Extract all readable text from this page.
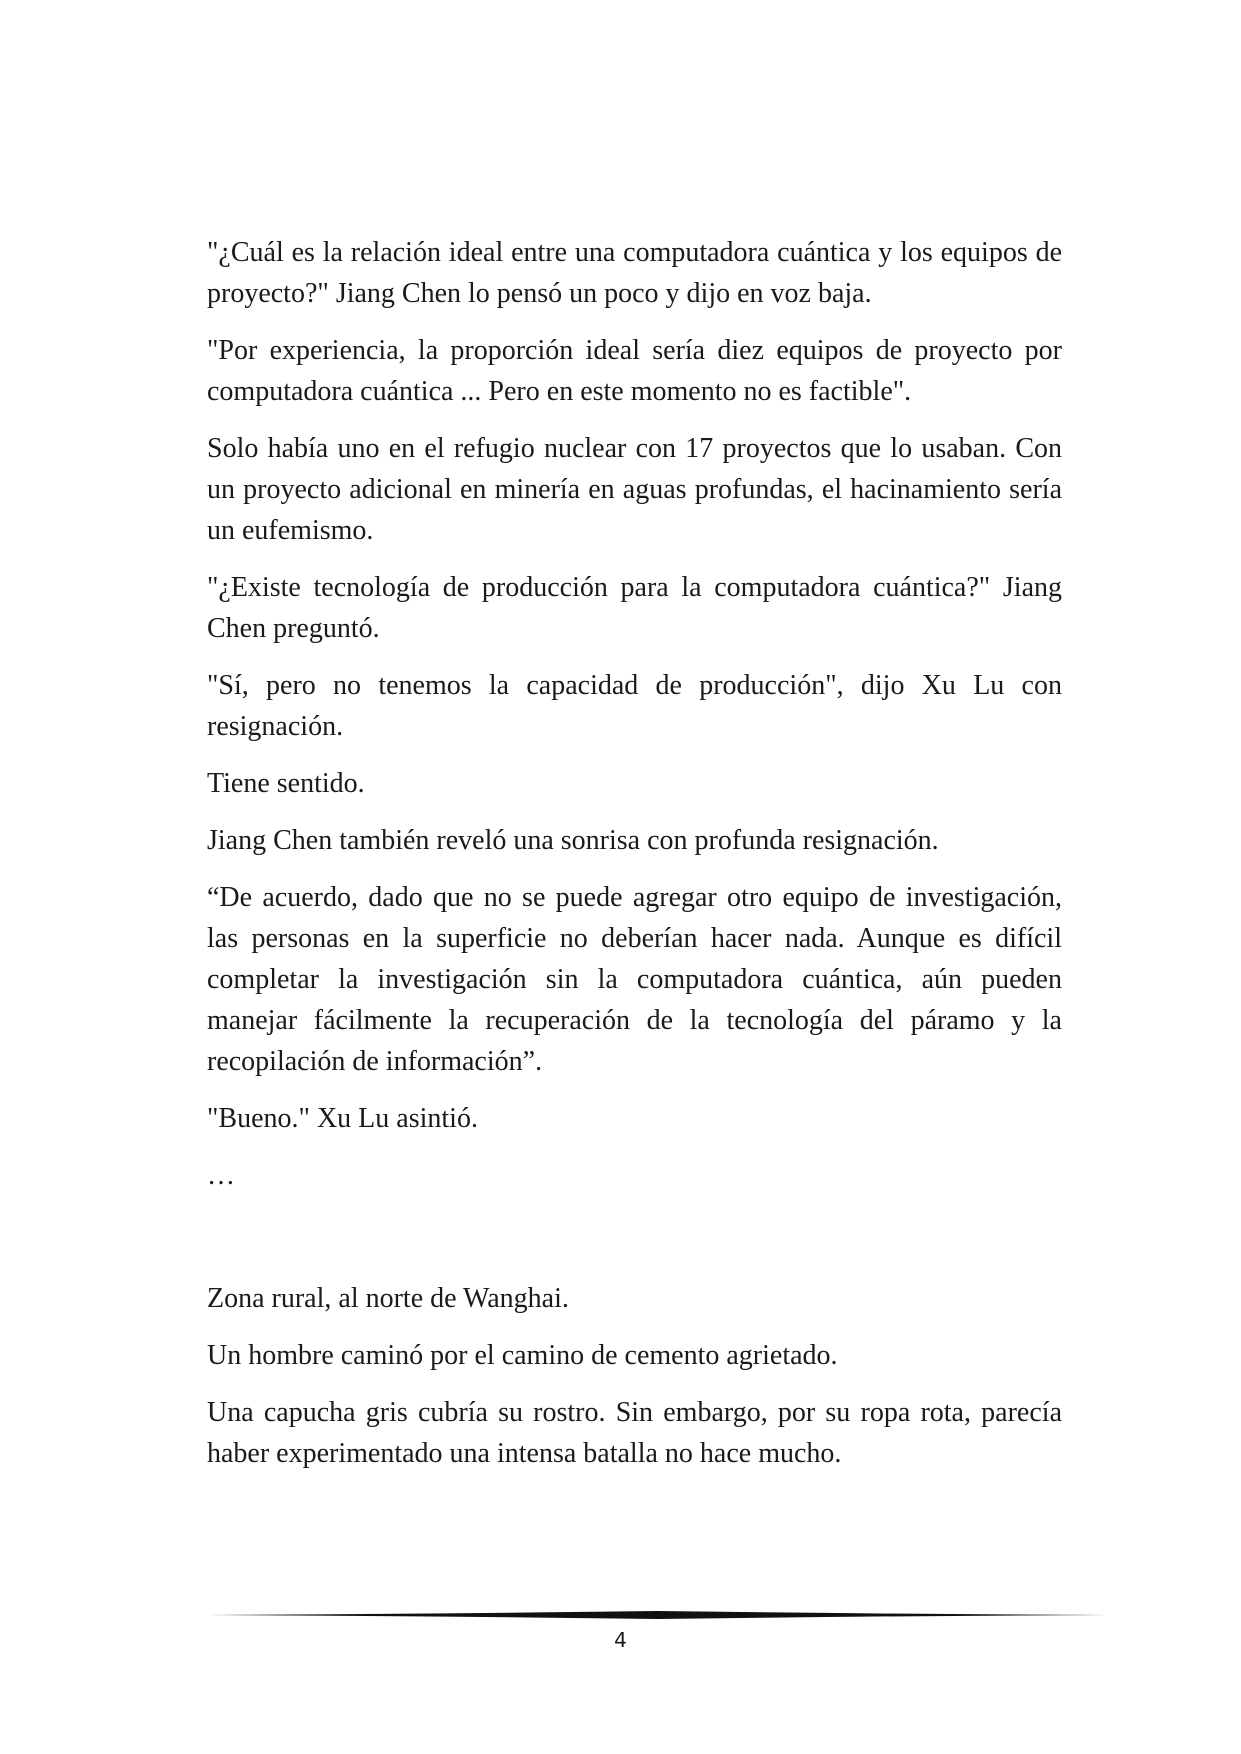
"¿Cuál es la relación ideal entre una computadora cuántica y los equipos de proyecto?" Jiang Chen lo pensó un poco y dijo en voz baja.

"Por experiencia, la proporción ideal sería diez equipos de proyecto por computadora cuántica ... Pero en este momento no es factible".

Solo había uno en el refugio nuclear con 17 proyectos que lo usaban. Con un proyecto adicional en minería en aguas profundas, el hacinamiento sería un eufemismo.

"¿Existe tecnología de producción para la computadora cuántica?" Jiang Chen preguntó.

"Sí, pero no tenemos la capacidad de producción", dijo Xu Lu con resignación.

Tiene sentido.

Jiang Chen también reveló una sonrisa con profunda resignación.

“De acuerdo, dado que no se puede agregar otro equipo de investigación, las personas en la superficie no deberían hacer nada. Aunque es difícil completar la investigación sin la computadora cuántica, aún pueden manejar fácilmente la recuperación de la tecnología del páramo y la recopilación de información”.

"Bueno." Xu Lu asintió.

…

Zona rural, al norte de Wanghai.

Un hombre caminó por el camino de cemento agrietado.

Una capucha gris cubría su rostro. Sin embargo, por su ropa rota, parecía haber experimentado una intensa batalla no hace mucho.

4
